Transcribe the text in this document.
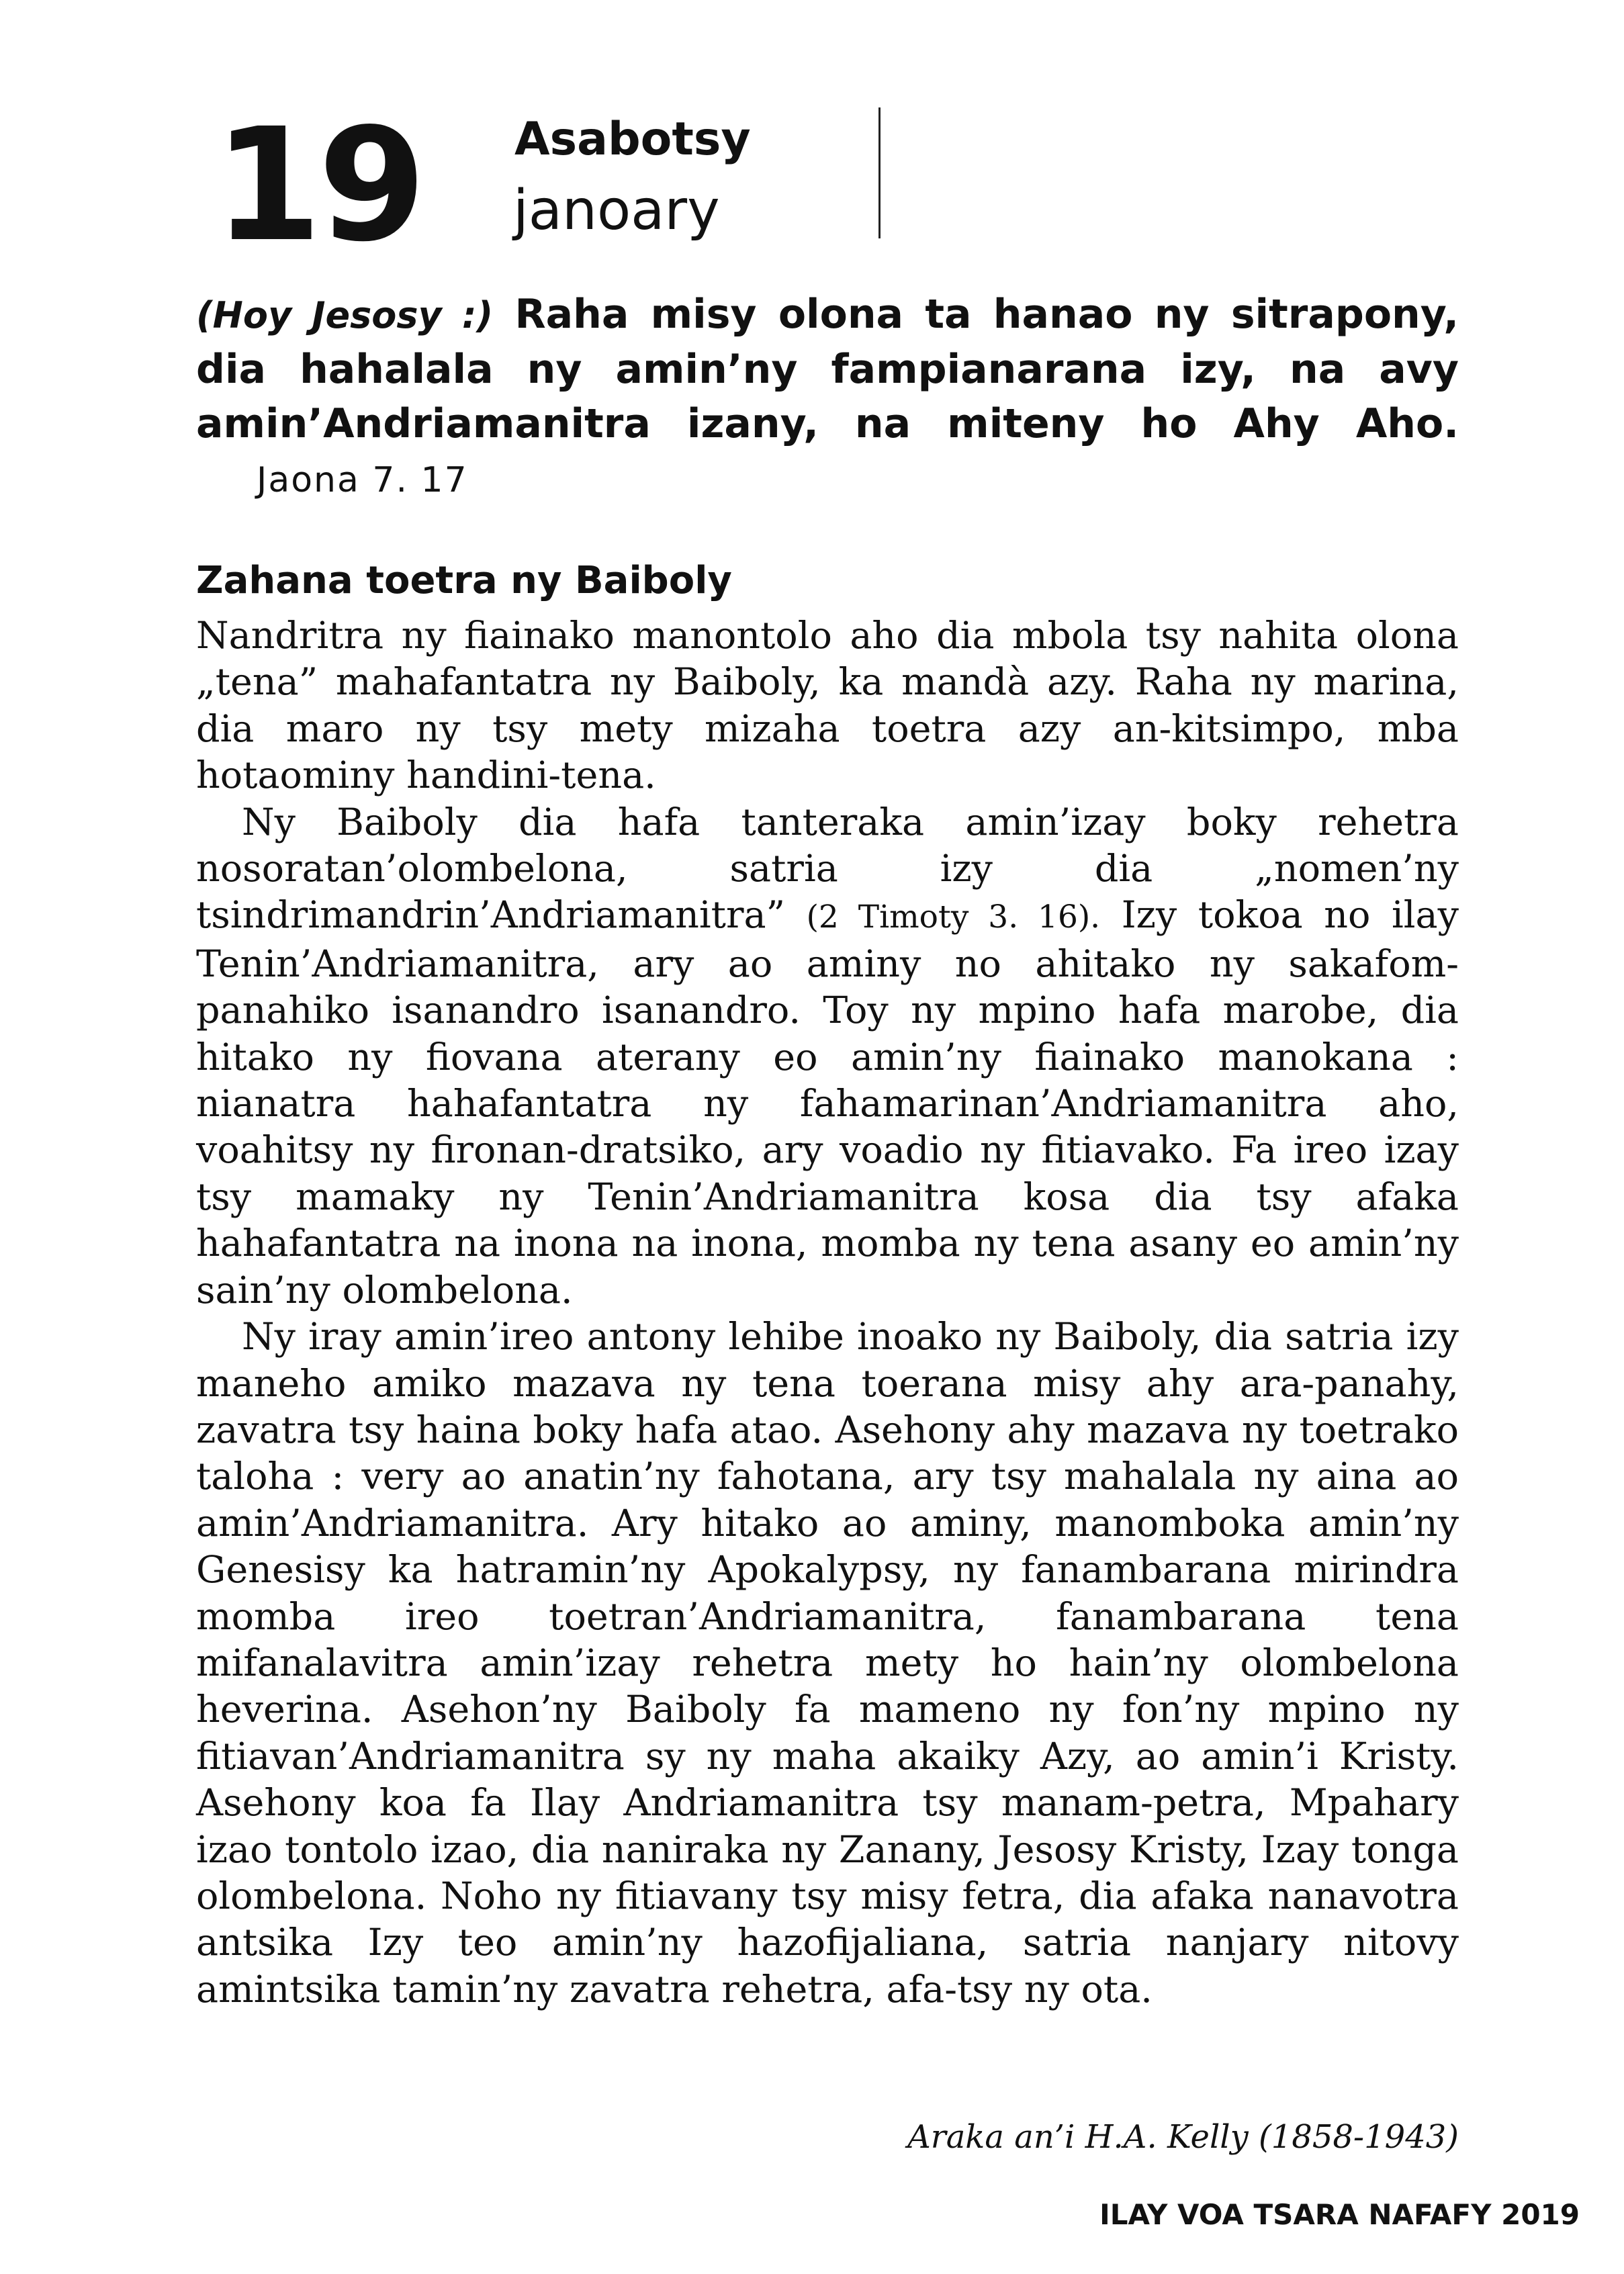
19 Asabotsy
janoary
(Hoy Jesosy :) Raha misy olona ta hanao ny sitrapony, dia hahalala ny amin’ny fampianarana izy, na avy amin’Andriamanitra izany, na miteny ho Ahy Aho. Jaona 7. 17
Zahana toetra ny Baiboly

Nandritra ny fiainako manontolo aho dia mbola tsy nahita olona „tena” mahafantatra ny Baiboly, ka mandà azy. Raha ny marina, dia maro ny tsy mety mizaha toetra azy an-kitsimpo, mba hotaominy handini-tena.

Ny Baiboly dia hafa tanteraka amin’izay boky rehetra nosoratan’olombelona, satria izy dia „nomen’ny tsindrimandrin’Andriamanitra” (2 Timoty 3. 16). Izy tokoa no ilay Tenin’Andriamanitra, ary ao aminy no ahitako ny sakafom-panahiko isanandro isanandro. Toy ny mpino hafa marobe, dia hitako ny fiovana aterany eo amin’ny fiainako manokana : nianatra hahafantatra ny fahamarinan’Andriamanitra aho, voahitsy ny fironan-dratsiko, ary voadio ny fitiavako. Fa ireo izay tsy mamaky ny Tenin’Andriamanitra kosa dia tsy afaka hahafantatra na inona na inona, momba ny tena asany eo amin’ny sain’ny olombelona.

Ny iray amin’ireo antony lehibe inoako ny Baiboly, dia satria izy maneho amiko mazava ny tena toerana misy ahy ara-panahy, zavatra tsy haina boky hafa atao. Asehony ahy mazava ny toetrako taloha : very ao anatin’ny fahotana, ary tsy mahalala ny aina ao amin’Andriamanitra. Ary hitako ao aminy, manomboka amin’ny Genesisy ka hatramin’ny Apokalypsy, ny fanambarana mirindra momba ireo toetran’Andriamanitra, fanambarana tena mifanalavitra amin’izay rehetra mety ho hain’ny olombelona heverina. Asehon’ny Baiboly fa mameno ny fon’ny mpino ny fitiavan’Andriamanitra sy ny maha akaiky Azy, ao amin’i Kristy. Asehony koa fa Ilay Andriamanitra tsy manam-petra, Mpahary izao tontolo izao, dia naniraka ny Zanany, Jesosy Kristy, Izay tonga olombelona. Noho ny fitiavany tsy misy fetra, dia afaka nanavotra antsika Izy teo amin’ny hazofijaliana, satria nanjary nitovy amintsika tamin’ny zavatra rehetra, afa-tsy ny ota.

Araka an’i H.A. Kelly (1858-1943)
ILAY VOA TSARA NAFAFY 2019
